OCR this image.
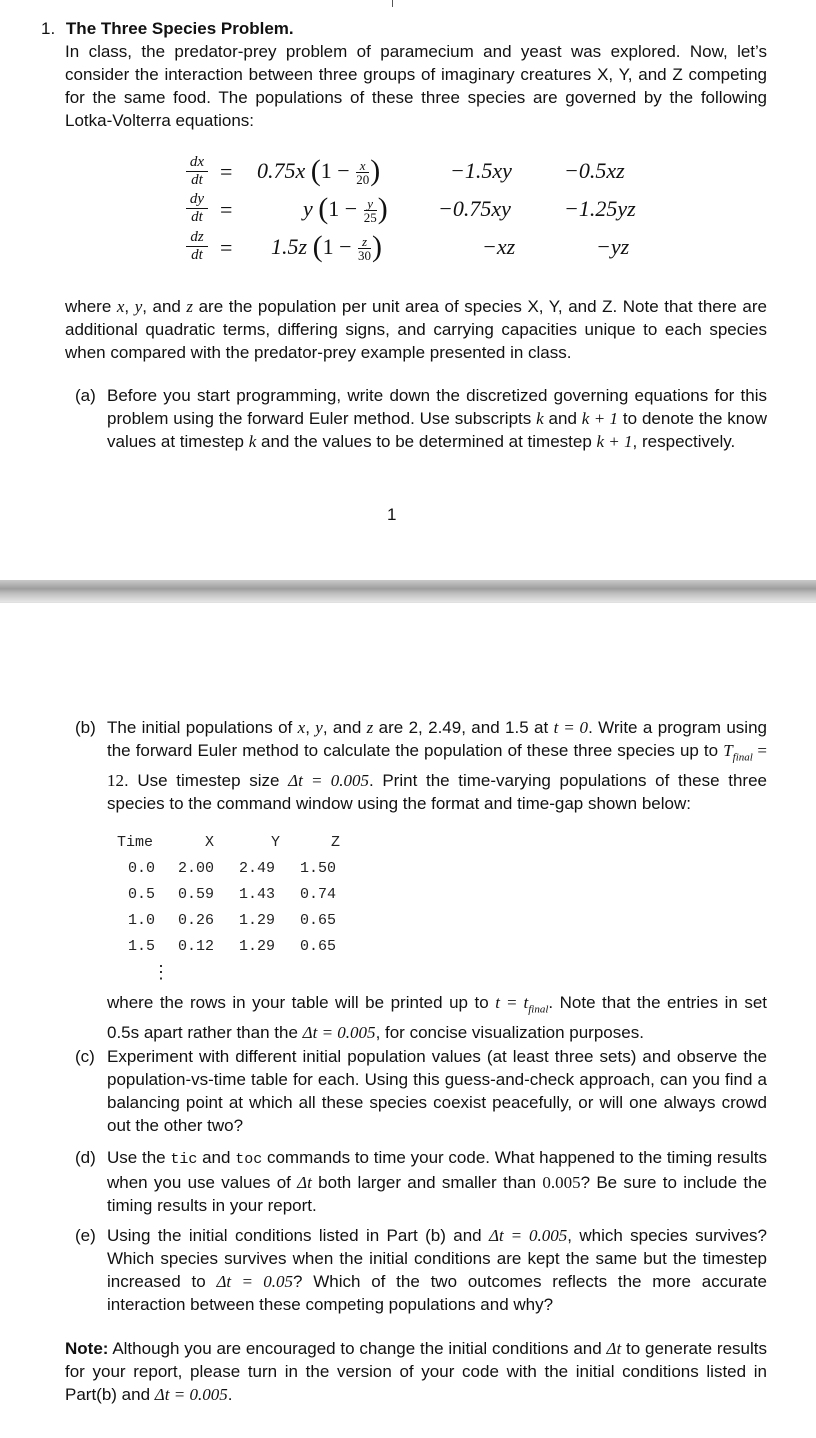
1. The Three Species Problem.
In class, the predator-prey problem of paramecium and yeast was explored. Now, let’s consider the interaction between three groups of imaginary creatures X, Y, and Z competing for the same food. The populations of these three species are governed by the following Lotka-Volterra equations:
$\frac{dx}{dt} = 0.75x$ ($1 - \frac{x}{20}$ )	−1.5xy −0.5xz
$\frac{dy}{dt}$ =	y ($1 - \frac{y}{25}$ ) −0.75xy −1.25yz
$\frac{dz}{dt} = 1.5z$ ($1 - \frac{z}{30}$ )	−xz	−yz
where x, y, and z are the population per unit area of species X, Y, and Z. Note that there are additional quadratic terms, differing signs, and carrying capacities unique to each species when compared with the predator-prey example presented in class.
(a) Before you start programming, write down the discretized governing equations for this problem using the forward Euler method. Use subscripts k and k + 1 to denote the know values at timestep k and the values to be determined at timestep k + 1, respectively.
1
(b) The initial populations of x, y, and z are 2, 2.49, and 1.5 at t = 0. Write a program using the forward Euler method to calculate the population of these three species up to $T_{final} = 12$. Use timestep size Δt = 0.005. Print the time-varying populations of these three species to the command window using the format and time-gap shown below:
Time	X	Y	Z
0.0 2.00 2.49 1.50
0.5 0.59 1.43 0.74
1.0 0.26 1.29 0.65
1.5 0.12 1.29 0.65
⋮
where the rows in your table will be printed up to $t = t_{final}$. Note that the entries in set 0.5s apart rather than the Δt = 0.005, for concise visualization purposes.
(c) Experiment with different initial population values (at least three sets) and observe the population-vs-time table for each. Using this guess-and-check approach, can you find a balancing point at which all these species coexist peacefully, or will one always crowd out the other two?
(d) Use the tic and toc commands to time your code. What happened to the timing results when you use values of Δt both larger and smaller than 0.005? Be sure to include the timing results in your report.
(e) Using the initial conditions listed in Part (b) and Δt = 0.005, which species survives? Which species survives when the initial conditions are kept the same but the timestep increased to Δt = 0.05? Which of the two outcomes reflects the more accurate interaction between these competing populations and why?
Note: Although you are encouraged to change the initial conditions and Δt to generate results for your report, please turn in the version of your code with the initial conditions listed in Part(b) and Δt = 0.005.
